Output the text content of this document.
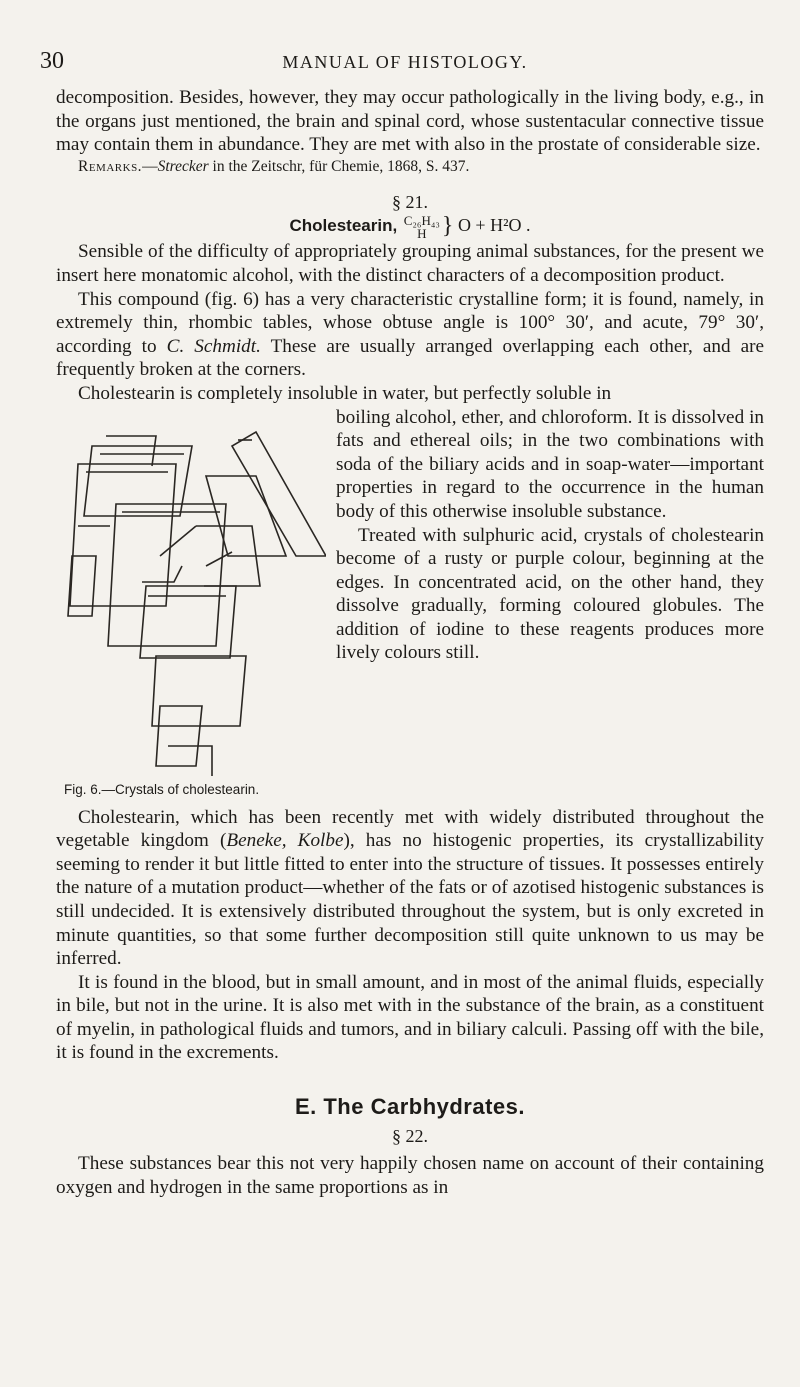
30	MANUAL OF HISTOLOGY.

decomposition. Besides, however, they may occur pathologically in the living body, e.g., in the organs just mentioned, the brain and spinal cord, whose sustentacular connective tissue may contain them in abundance. They are met with also in the prostate of considerable size.

Remarks.—Strecker in the Zeitschr, für Chemie, 1868, S. 437.

§ 21.

Cholestearin, C₂₆H₄₃
H } O + H²O .

Sensible of the difficulty of appropriately grouping animal substances, for the present we insert here monatomic alcohol, with the distinct characters of a decomposition product.

This compound (fig. 6) has a very characteristic crystalline form; it is found, namely, in extremely thin, rhombic tables, whose obtuse angle is 100° 30′, and acute, 79° 30′, according to C. Schmidt. These are usually arranged overlapping each other, and are frequently broken at the corners.

Cholestearin is completely insoluble in water, but perfectly soluble in

Fig. 6.—Crystals of cholestearin.

boiling alcohol, ether, and chloroform. It is dissolved in fats and ethereal oils; in the two combinations with soda of the biliary acids and in soap-water—important properties in regard to the occurrence in the human body of this otherwise insoluble substance.

Treated with sulphuric acid, crystals of cholestearin become of a rusty or purple colour, beginning at the edges. In concentrated acid, on the other hand, they dissolve gradually, forming coloured globules. The addition of iodine to these reagents produces more lively colours still.

Cholestearin, which has been recently met with widely distributed throughout the vegetable kingdom (Beneke, Kolbe), has no histogenic properties, its crystallizability seeming to render it but little fitted to enter into the structure of tissues. It possesses entirely the nature of a mutation product—whether of the fats or of azotised histogenic substances is still undecided. It is extensively distributed throughout the system, but is only excreted in minute quantities, so that some further decomposition still quite unknown to us may be inferred.

It is found in the blood, but in small amount, and in most of the animal fluids, especially in bile, but not in the urine. It is also met with in the substance of the brain, as a constituent of myelin, in pathological fluids and tumors, and in biliary calculi. Passing off with the bile, it is found in the excrements.

E. The Carbhydrates.

§ 22.

These substances bear this not very happily chosen name on account of their containing oxygen and hydrogen in the same proportions as in
